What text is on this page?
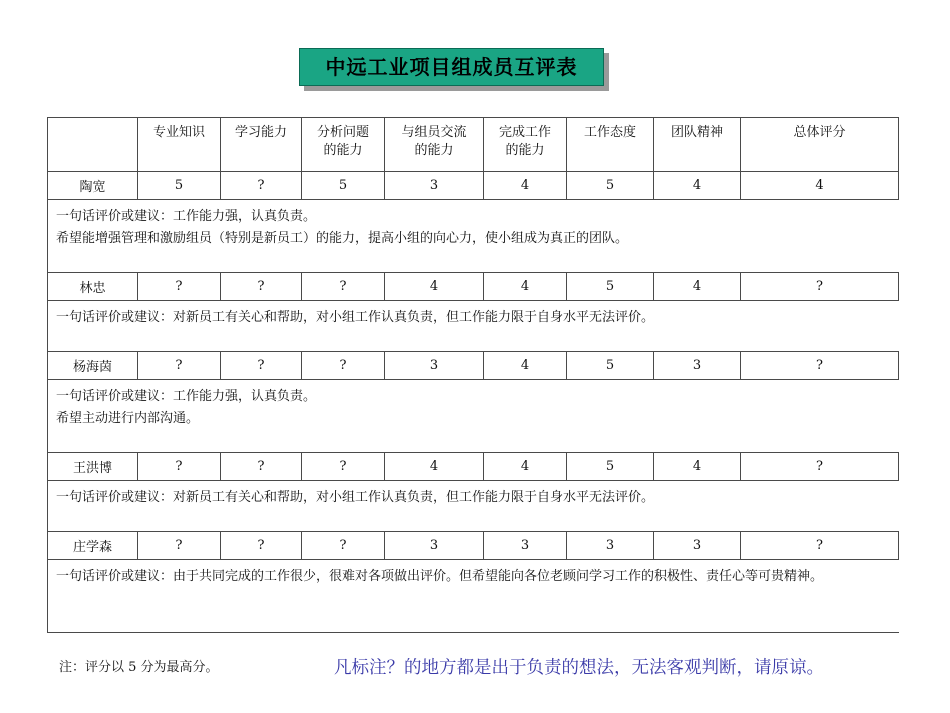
中远工业项目组成员互评表

	专业知识	学习能力	分析问题
的能力	与组员交流
的能力	完成工作
的能力	工作态度	团队精神	总体评分

陶宽	5	?	5	3	4	5	4	4

一句话评价或建议：工作能力强，认真负责。
希望能增强管理和激励组员（特别是新员工）的能力，提高小组的向心力，使小组成为真正的团队。								

林忠	?	?	?	4	4	5	4	?

一句话评价或建议：对新员工有关心和帮助，对小组工作认真负责，但工作能力限于自身水平无法评价。								

杨海茵	?	?	?	3	4	5	3	?

一句话评价或建议：工作能力强，认真负责。
希望主动进行内部沟通。								

王洪博	?	?	?	4	4	5	4	?

一句话评价或建议：对新员工有关心和帮助，对小组工作认真负责，但工作能力限于自身水平无法评价。								

庄学森	?	?	?	3	3	3	3	?

一句话评价或建议：由于共同完成的工作很少，很难对各项做出评价。但希望能向各位老顾问学习工作的积极性、责任心等可贵精神。								
注：评分以 5 分为最高分。	凡标注？的地方都是出于负责的想法，无法客观判断，请原谅。
